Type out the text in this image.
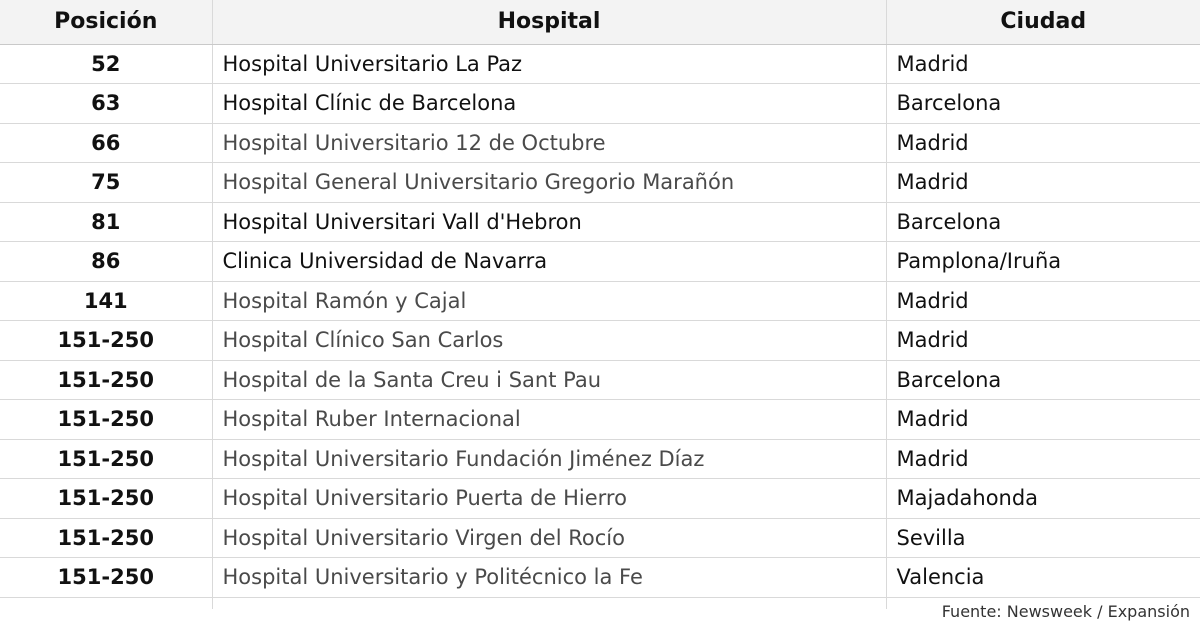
Posición	Hospital	Ciudad
52	Hospital Universitario La Paz	Madrid
63	Hospital Clínic de Barcelona	Barcelona
66	Hospital Universitario 12 de Octubre	Madrid
75	Hospital General Universitario Gregorio Marañón	Madrid
81	Hospital Universitari Vall d'Hebron	Barcelona
86	Clinica Universidad de Navarra	Pamplona/Iruña
141	Hospital Ramón y Cajal	Madrid
151-250	Hospital Clínico San Carlos	Madrid
151-250	Hospital de la Santa Creu i Sant Pau	Barcelona
151-250	Hospital Ruber Internacional	Madrid
151-250	Hospital Universitario Fundación Jiménez Díaz	Madrid
151-250	Hospital Universitario Puerta de Hierro	Majadahonda
151-250	Hospital Universitario Virgen del Rocío	Sevilla
151-250	Hospital Universitario y Politécnico la Fe	Valencia

Fuente: Newsweek / Expansión
